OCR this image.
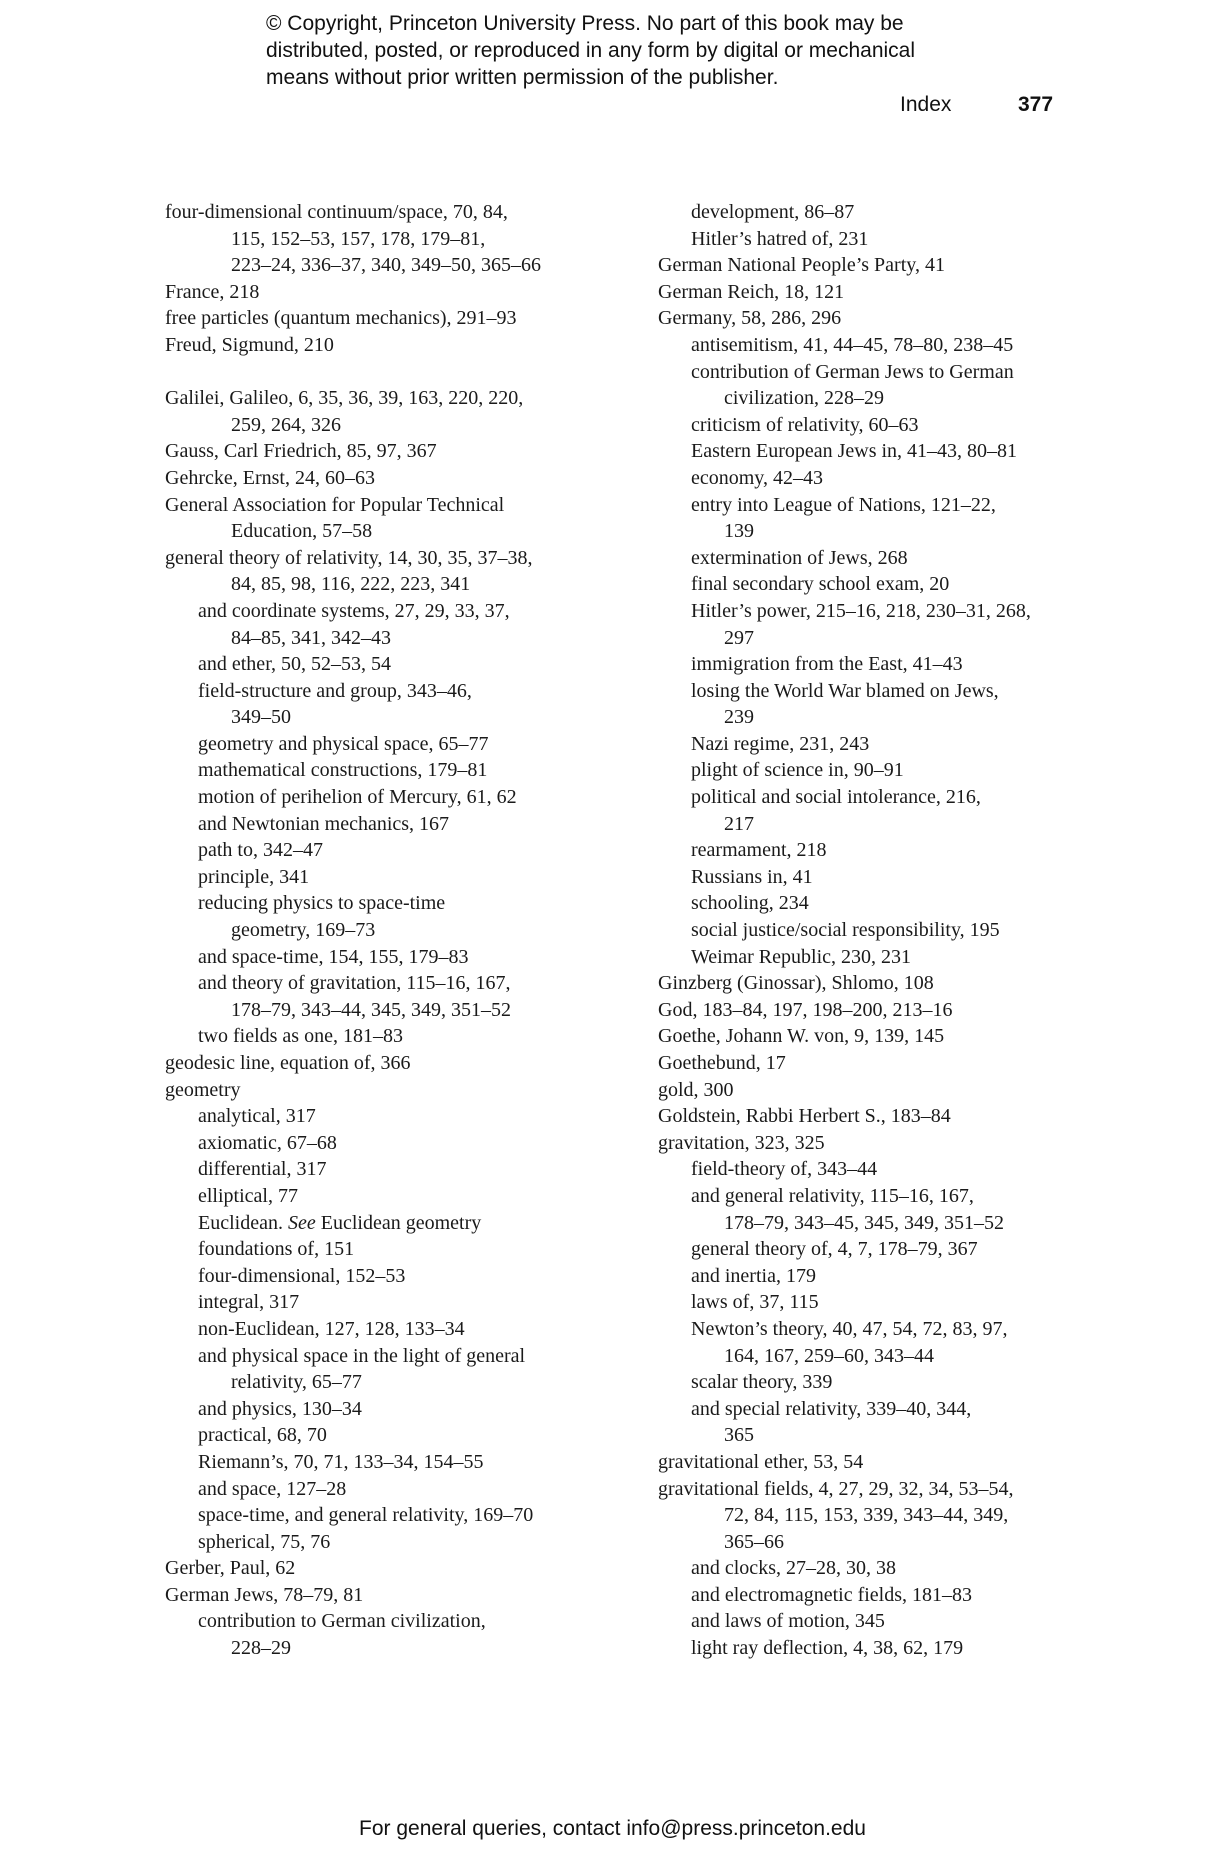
© Copyright, Princeton University Press. No part of this book may be
distributed, posted, or reproduced in any form by digital or mechanical
means without prior written permission of the publisher.
Index	377
four-dimensional continuum/space, 70, 84,
115, 152–53, 157, 178, 179–81,
223–24, 336–37, 340, 349–50, 365–66
France, 218
free particles (quantum mechanics), 291–93
Freud, Sigmund, 210
Galilei, Galileo, 6, 35, 36, 39, 163, 220, 220,
259, 264, 326
Gauss, Carl Friedrich, 85, 97, 367
Gehrcke, Ernst, 24, 60–63
General Association for Popular Technical
Education, 57–58
general theory of relativity, 14, 30, 35, 37–38,
84, 85, 98, 116, 222, 223, 341
and coordinate systems, 27, 29, 33, 37,
84–85, 341, 342–43
and ether, 50, 52–53, 54
field-structure and group, 343–46,
349–50
geometry and physical space, 65–77
mathematical constructions, 179–81
motion of perihelion of Mercury, 61, 62
and Newtonian mechanics, 167
path to, 342–47
principle, 341
reducing physics to space-time
geometry, 169–73
and space-time, 154, 155, 179–83
and theory of gravitation, 115–16, 167,
178–79, 343–44, 345, 349, 351–52
two fields as one, 181–83
geodesic line, equation of, 366
geometry
analytical, 317
axiomatic, 67–68
differential, 317
elliptical, 77
Euclidean. See Euclidean geometry
foundations of, 151
four-dimensional, 152–53
integral, 317
non-Euclidean, 127, 128, 133–34
and physical space in the light of general
relativity, 65–77
and physics, 130–34
practical, 68, 70
Riemann’s, 70, 71, 133–34, 154–55
and space, 127–28
space-time, and general relativity, 169–70
spherical, 75, 76
Gerber, Paul, 62
German Jews, 78–79, 81
contribution to German civilization,
228–29
development, 86–87
Hitler’s hatred of, 231
German National People’s Party, 41
German Reich, 18, 121
Germany, 58, 286, 296
antisemitism, 41, 44–45, 78–80, 238–45
contribution of German Jews to German
civilization, 228–29
criticism of relativity, 60–63
Eastern European Jews in, 41–43, 80–81
economy, 42–43
entry into League of Nations, 121–22,
139
extermination of Jews, 268
final secondary school exam, 20
Hitler’s power, 215–16, 218, 230–31, 268,
297
immigration from the East, 41–43
losing the World War blamed on Jews,
239
Nazi regime, 231, 243
plight of science in, 90–91
political and social intolerance, 216,
217
rearmament, 218
Russians in, 41
schooling, 234
social justice/social responsibility, 195
Weimar Republic, 230, 231
Ginzberg (Ginossar), Shlomo, 108
God, 183–84, 197, 198–200, 213–16
Goethe, Johann W. von, 9, 139, 145
Goethebund, 17
gold, 300
Goldstein, Rabbi Herbert S., 183–84
gravitation, 323, 325
field-theory of, 343–44
and general relativity, 115–16, 167,
178–79, 343–45, 345, 349, 351–52
general theory of, 4, 7, 178–79, 367
and inertia, 179
laws of, 37, 115
Newton’s theory, 40, 47, 54, 72, 83, 97,
164, 167, 259–60, 343–44
scalar theory, 339
and special relativity, 339–40, 344,
365
gravitational ether, 53, 54
gravitational fields, 4, 27, 29, 32, 34, 53–54,
72, 84, 115, 153, 339, 343–44, 349,
365–66
and clocks, 27–28, 30, 38
and electromagnetic fields, 181–83
and laws of motion, 345
light ray deflection, 4, 38, 62, 179
For general queries, contact info@press.princeton.edu
